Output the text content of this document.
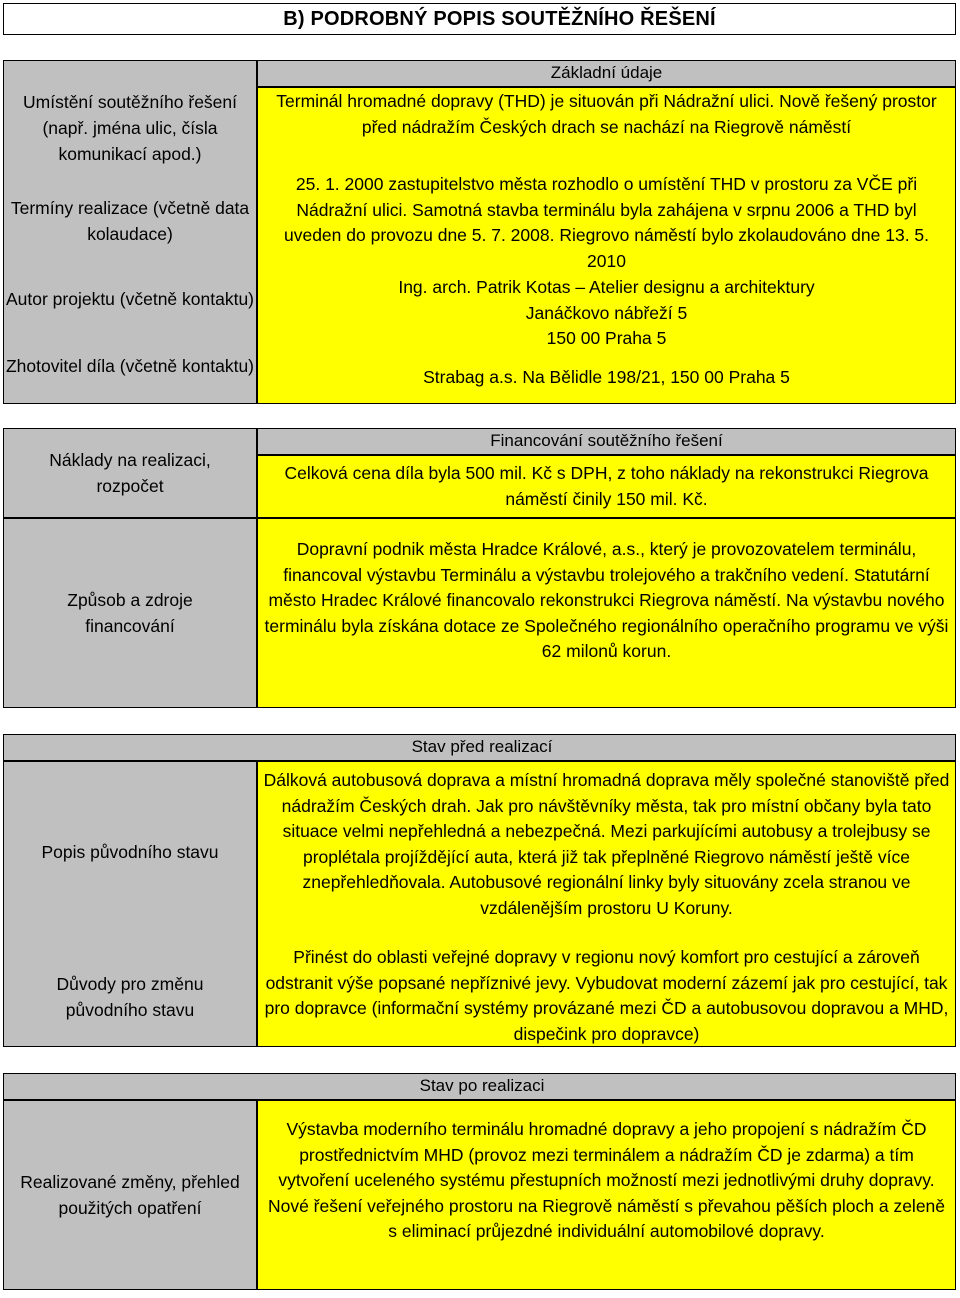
B) PODROBNÝ POPIS SOUTĚŽNÍHO ŘEŠENÍ
Základní údaje
Umístění soutěžního řešení (např. jména ulic, čísla komunikací apod.)
Termíny realizace (včetně data kolaudace)
Autor projektu (včetně kontaktu)
Zhotovitel díla (včetně kontaktu)
Terminál hromadné dopravy (THD) je situován při Nádražní ulici. Nově řešený prostor před nádražím Českých drach se nachází na Riegrově náměstí
25. 1. 2000 zastupitelstvo města rozhodlo o umístění THD v prostoru za VČE při Nádražní ulici. Samotná stavba terminálu byla zahájena v srpnu 2006 a THD byl uveden do provozu dne 5. 7. 2008. Riegrovo náměstí bylo zkolaudováno dne 13. 5. 2010
Ing. arch. Patrik Kotas – Atelier designu a architektury
Janáčkovo nábřeží 5
150 00 Praha 5
Strabag a.s. Na Bělidle 198/21, 150 00 Praha 5
Financování soutěžního řešení
Náklady na realizaci, rozpočet
Celková cena díla byla 500 mil. Kč s DPH, z toho náklady na rekonstrukci Riegrova náměstí činily 150 mil. Kč.
Způsob a zdroje financování
Dopravní podnik města Hradce Králové, a.s., který je provozovatelem terminálu, financoval výstavbu Terminálu a výstavbu trolejového a trakčního vedení. Statutární město Hradec Králové financovalo rekonstrukci Riegrova náměstí. Na výstavbu nového terminálu byla získána dotace ze Společného regionálního operačního programu ve výši 62 milonů korun.
Stav před realizací
Popis původního stavu
Důvody pro změnu původního stavu
Dálková autobusová doprava a místní hromadná doprava měly společné stanoviště před nádražím Českých drah. Jak pro návštěvníky města, tak pro místní občany byla tato situace velmi nepřehledná a nebezpečná. Mezi parkujícími autobusy a trolejbusy se proplétala projíždějící auta, která již tak přeplněné Riegrovo náměstí ještě více znepřehledňovala. Autobusové regionální linky byly situovány zcela stranou ve vzdálenějším prostoru U Koruny.
Přinést do oblasti veřejné dopravy v regionu nový komfort pro cestující a zároveň odstranit výše popsané nepříznivé jevy. Vybudovat moderní zázemí jak pro cestující, tak pro dopravce (informační systémy provázané mezi ČD a autobusovou dopravou a MHD, dispečink pro dopravce)
Stav po realizaci
Realizované změny, přehled použitých opatření
Výstavba moderního terminálu hromadné dopravy a jeho propojení s nádražím ČD prostřednictvím MHD (provoz mezi terminálem a nádražím ČD je zdarma) a tím vytvoření uceleného systému přestupních možností mezi jednotlivými druhy dopravy. Nové řešení veřejného prostoru na Riegrově náměstí s převahou pěších ploch a zeleně s eliminací průjezdné individuální automobilové dopravy.
